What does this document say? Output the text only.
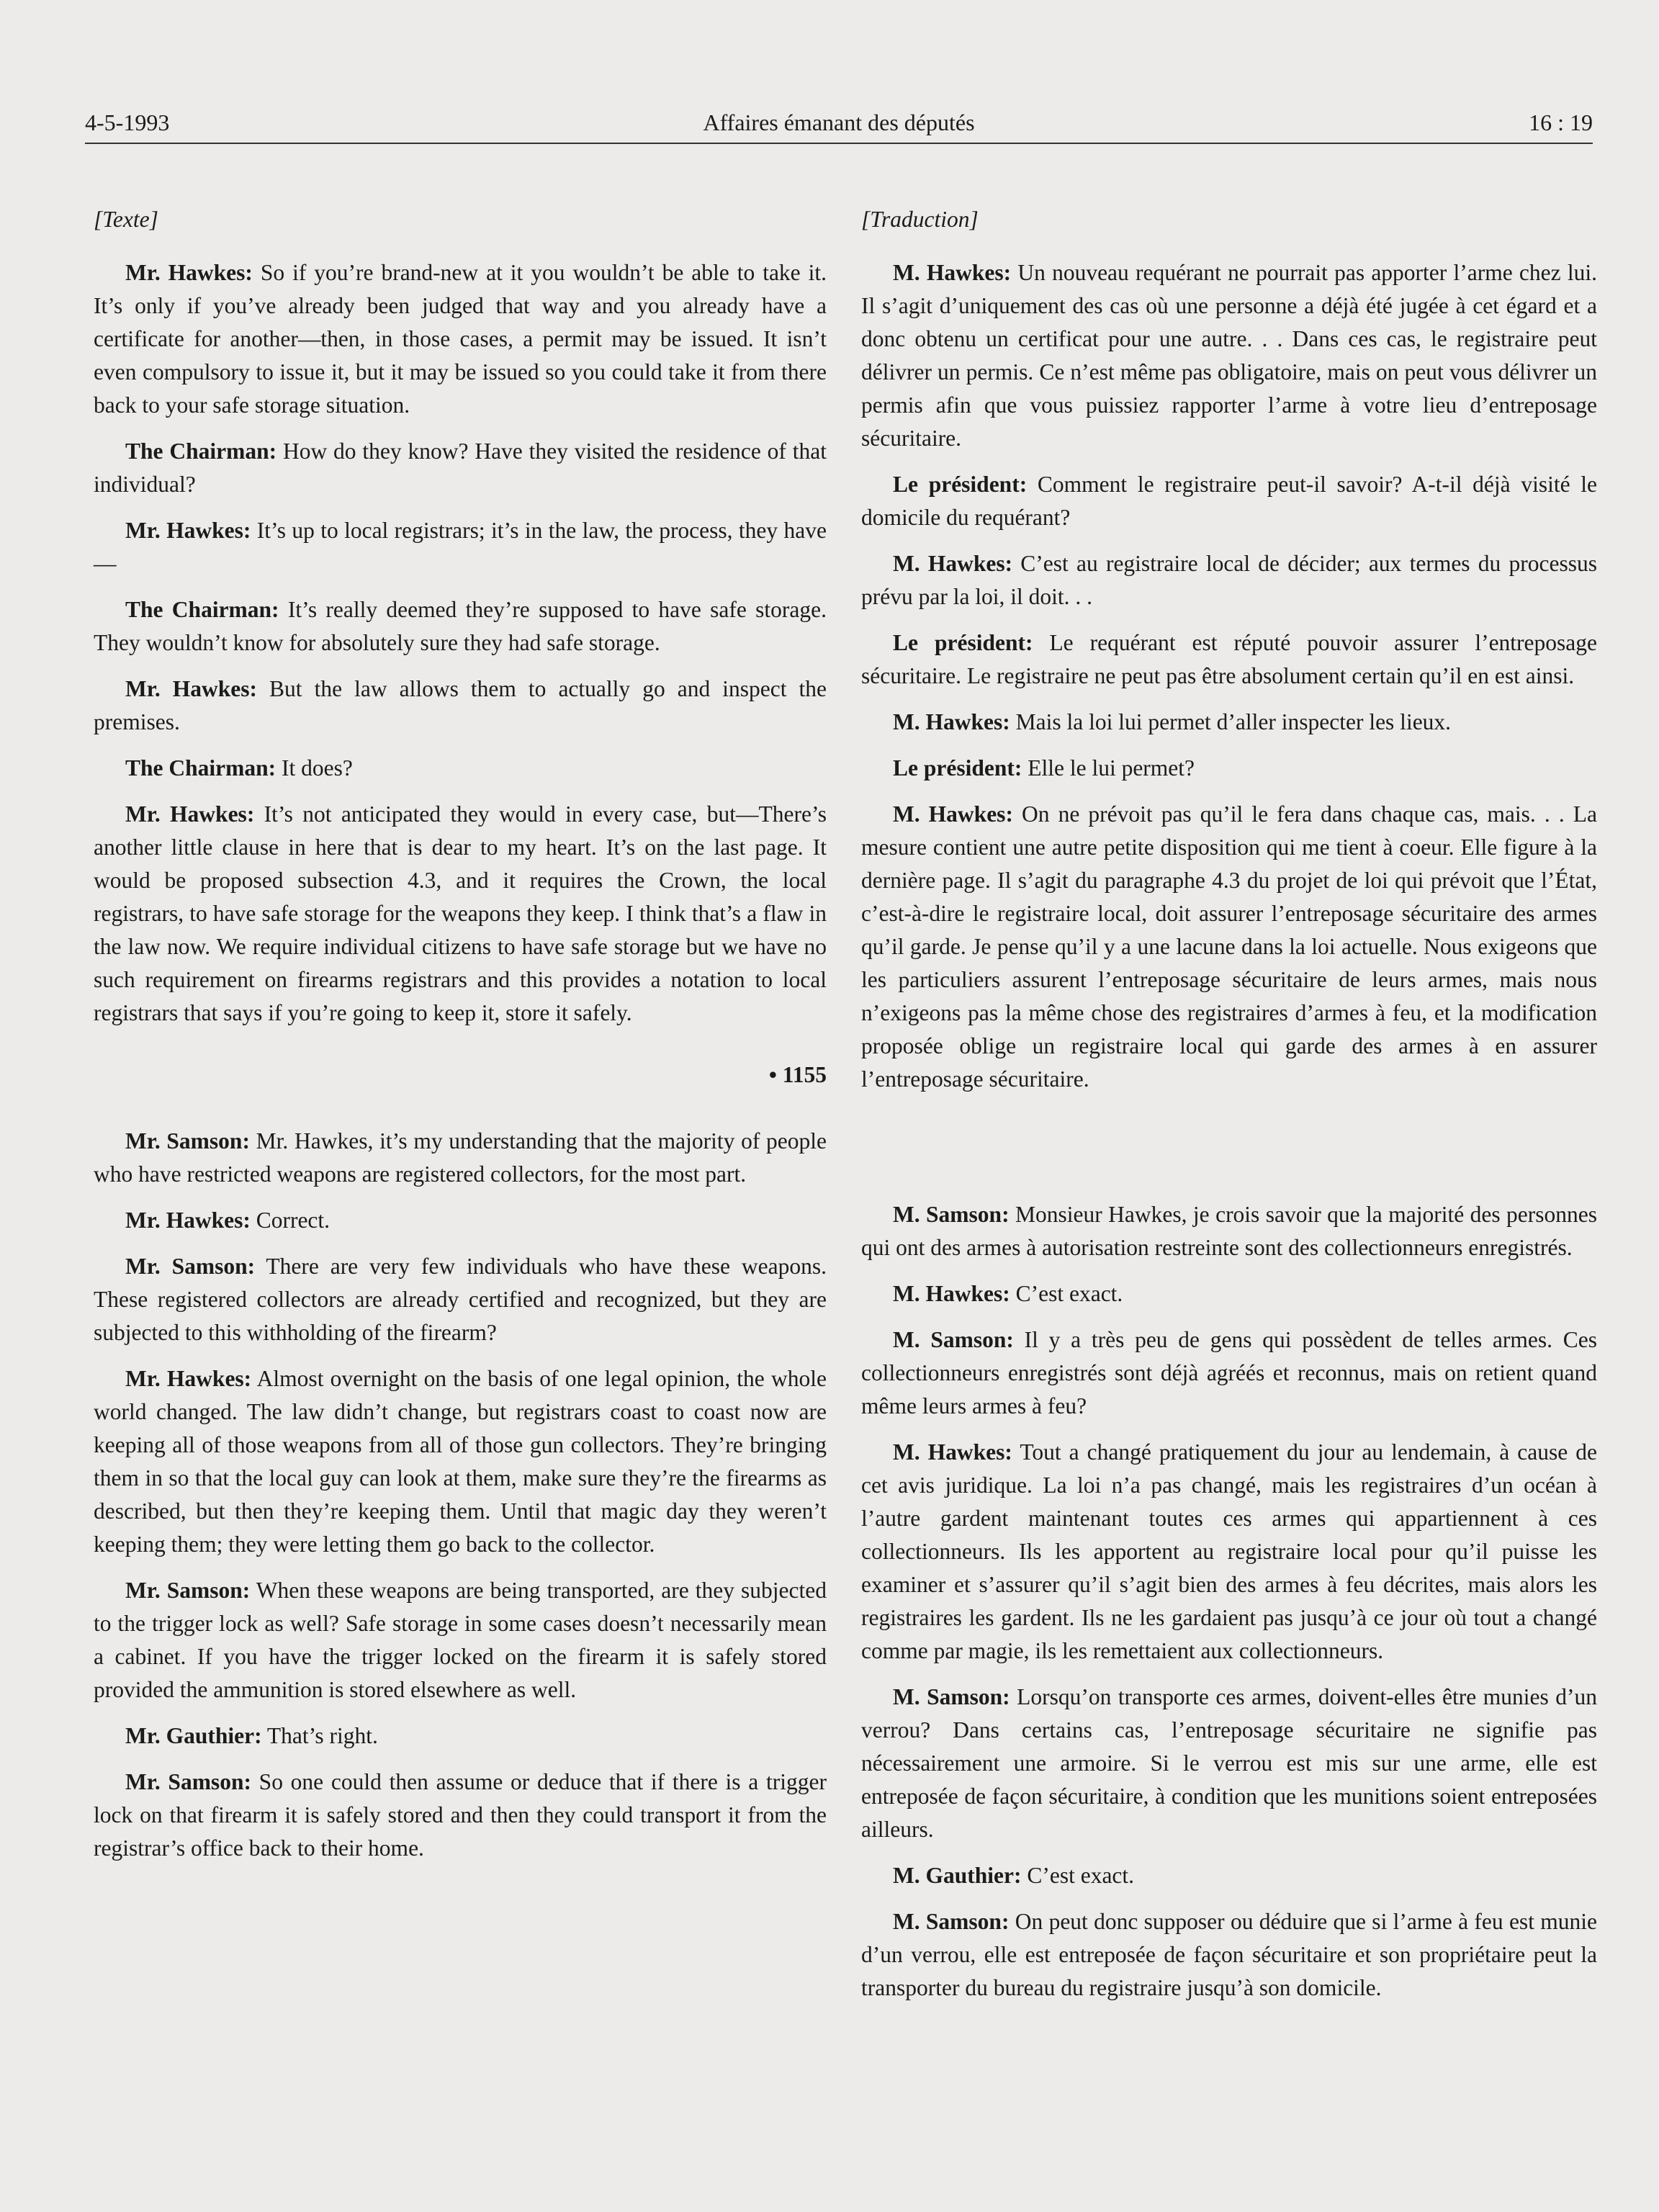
4-5-1993	Affaires émanant des députés	16 : 19
[Texte]

Mr. Hawkes: So if you’re brand-new at it you wouldn’t be able to take it. It’s only if you’ve already been judged that way and you already have a certificate for another—then, in those cases, a permit may be issued. It isn’t even compulsory to issue it, but it may be issued so you could take it from there back to your safe storage situation.

The Chairman: How do they know? Have they visited the residence of that individual?

Mr. Hawkes: It’s up to local registrars; it’s in the law, the process, they have—

The Chairman: It’s really deemed they’re supposed to have safe storage. They wouldn’t know for absolutely sure they had safe storage.

Mr. Hawkes: But the law allows them to actually go and inspect the premises.

The Chairman: It does?

Mr. Hawkes: It’s not anticipated they would in every case, but—There’s another little clause in here that is dear to my heart. It’s on the last page. It would be proposed subsection 4.3, and it requires the Crown, the local registrars, to have safe storage for the weapons they keep. I think that’s a flaw in the law now. We require individual citizens to have safe storage but we have no such requirement on firearms registrars and this provides a notation to local registrars that says if you’re going to keep it, store it safely.

• 1155

Mr. Samson: Mr. Hawkes, it’s my understanding that the majority of people who have restricted weapons are registered collectors, for the most part.

Mr. Hawkes: Correct.

Mr. Samson: There are very few individuals who have these weapons. These registered collectors are already certified and recognized, but they are subjected to this withholding of the firearm?

Mr. Hawkes: Almost overnight on the basis of one legal opinion, the whole world changed. The law didn’t change, but registrars coast to coast now are keeping all of those weapons from all of those gun collectors. They’re bringing them in so that the local guy can look at them, make sure they’re the firearms as described, but then they’re keeping them. Until that magic day they weren’t keeping them; they were letting them go back to the collector.

Mr. Samson: When these weapons are being transported, are they subjected to the trigger lock as well? Safe storage in some cases doesn’t necessarily mean a cabinet. If you have the trigger locked on the firearm it is safely stored provided the ammunition is stored elsewhere as well.

Mr. Gauthier: That’s right.

Mr. Samson: So one could then assume or deduce that if there is a trigger lock on that firearm it is safely stored and then they could transport it from the registrar’s office back to their home.

[Traduction]

M. Hawkes: Un nouveau requérant ne pourrait pas apporter l’arme chez lui. Il s’agit d’uniquement des cas où une personne a déjà été jugée à cet égard et a donc obtenu un certificat pour une autre. . . Dans ces cas, le registraire peut délivrer un permis. Ce n’est même pas obligatoire, mais on peut vous délivrer un permis afin que vous puissiez rapporter l’arme à votre lieu d’entreposage sécuritaire.

Le président: Comment le registraire peut-il savoir? A-t-il déjà visité le domicile du requérant?

M. Hawkes: C’est au registraire local de décider; aux termes du processus prévu par la loi, il doit. . .

Le président: Le requérant est réputé pouvoir assurer l’entreposage sécuritaire. Le registraire ne peut pas être absolument certain qu’il en est ainsi.

M. Hawkes: Mais la loi lui permet d’aller inspecter les lieux.

Le président: Elle le lui permet?

M. Hawkes: On ne prévoit pas qu’il le fera dans chaque cas, mais. . . La mesure contient une autre petite disposition qui me tient à coeur. Elle figure à la dernière page. Il s’agit du paragraphe 4.3 du projet de loi qui prévoit que l’État, c’est-à-dire le registraire local, doit assurer l’entreposage sécuritaire des armes qu’il garde. Je pense qu’il y a une lacune dans la loi actuelle. Nous exigeons que les particuliers assurent l’entreposage sécuritaire de leurs armes, mais nous n’exigeons pas la même chose des registraires d’armes à feu, et la modification proposée oblige un registraire local qui garde des armes à en assurer l’entreposage sécuritaire.

M. Samson: Monsieur Hawkes, je crois savoir que la majorité des personnes qui ont des armes à autorisation restreinte sont des collectionneurs enregistrés.

M. Hawkes: C’est exact.

M. Samson: Il y a très peu de gens qui possèdent de telles armes. Ces collectionneurs enregistrés sont déjà agréés et reconnus, mais on retient quand même leurs armes à feu?

M. Hawkes: Tout a changé pratiquement du jour au lendemain, à cause de cet avis juridique. La loi n’a pas changé, mais les registraires d’un océan à l’autre gardent maintenant toutes ces armes qui appartiennent à ces collectionneurs. Ils les apportent au registraire local pour qu’il puisse les examiner et s’assurer qu’il s’agit bien des armes à feu décrites, mais alors les registraires les gardent. Ils ne les gardaient pas jusqu’à ce jour où tout a changé comme par magie, ils les remettaient aux collectionneurs.

M. Samson: Lorsqu’on transporte ces armes, doivent-elles être munies d’un verrou? Dans certains cas, l’entreposage sécuritaire ne signifie pas nécessairement une armoire. Si le verrou est mis sur une arme, elle est entreposée de façon sécuritaire, à condition que les munitions soient entreposées ailleurs.

M. Gauthier: C’est exact.

M. Samson: On peut donc supposer ou déduire que si l’arme à feu est munie d’un verrou, elle est entreposée de façon sécuritaire et son propriétaire peut la transporter du bureau du registraire jusqu’à son domicile.
